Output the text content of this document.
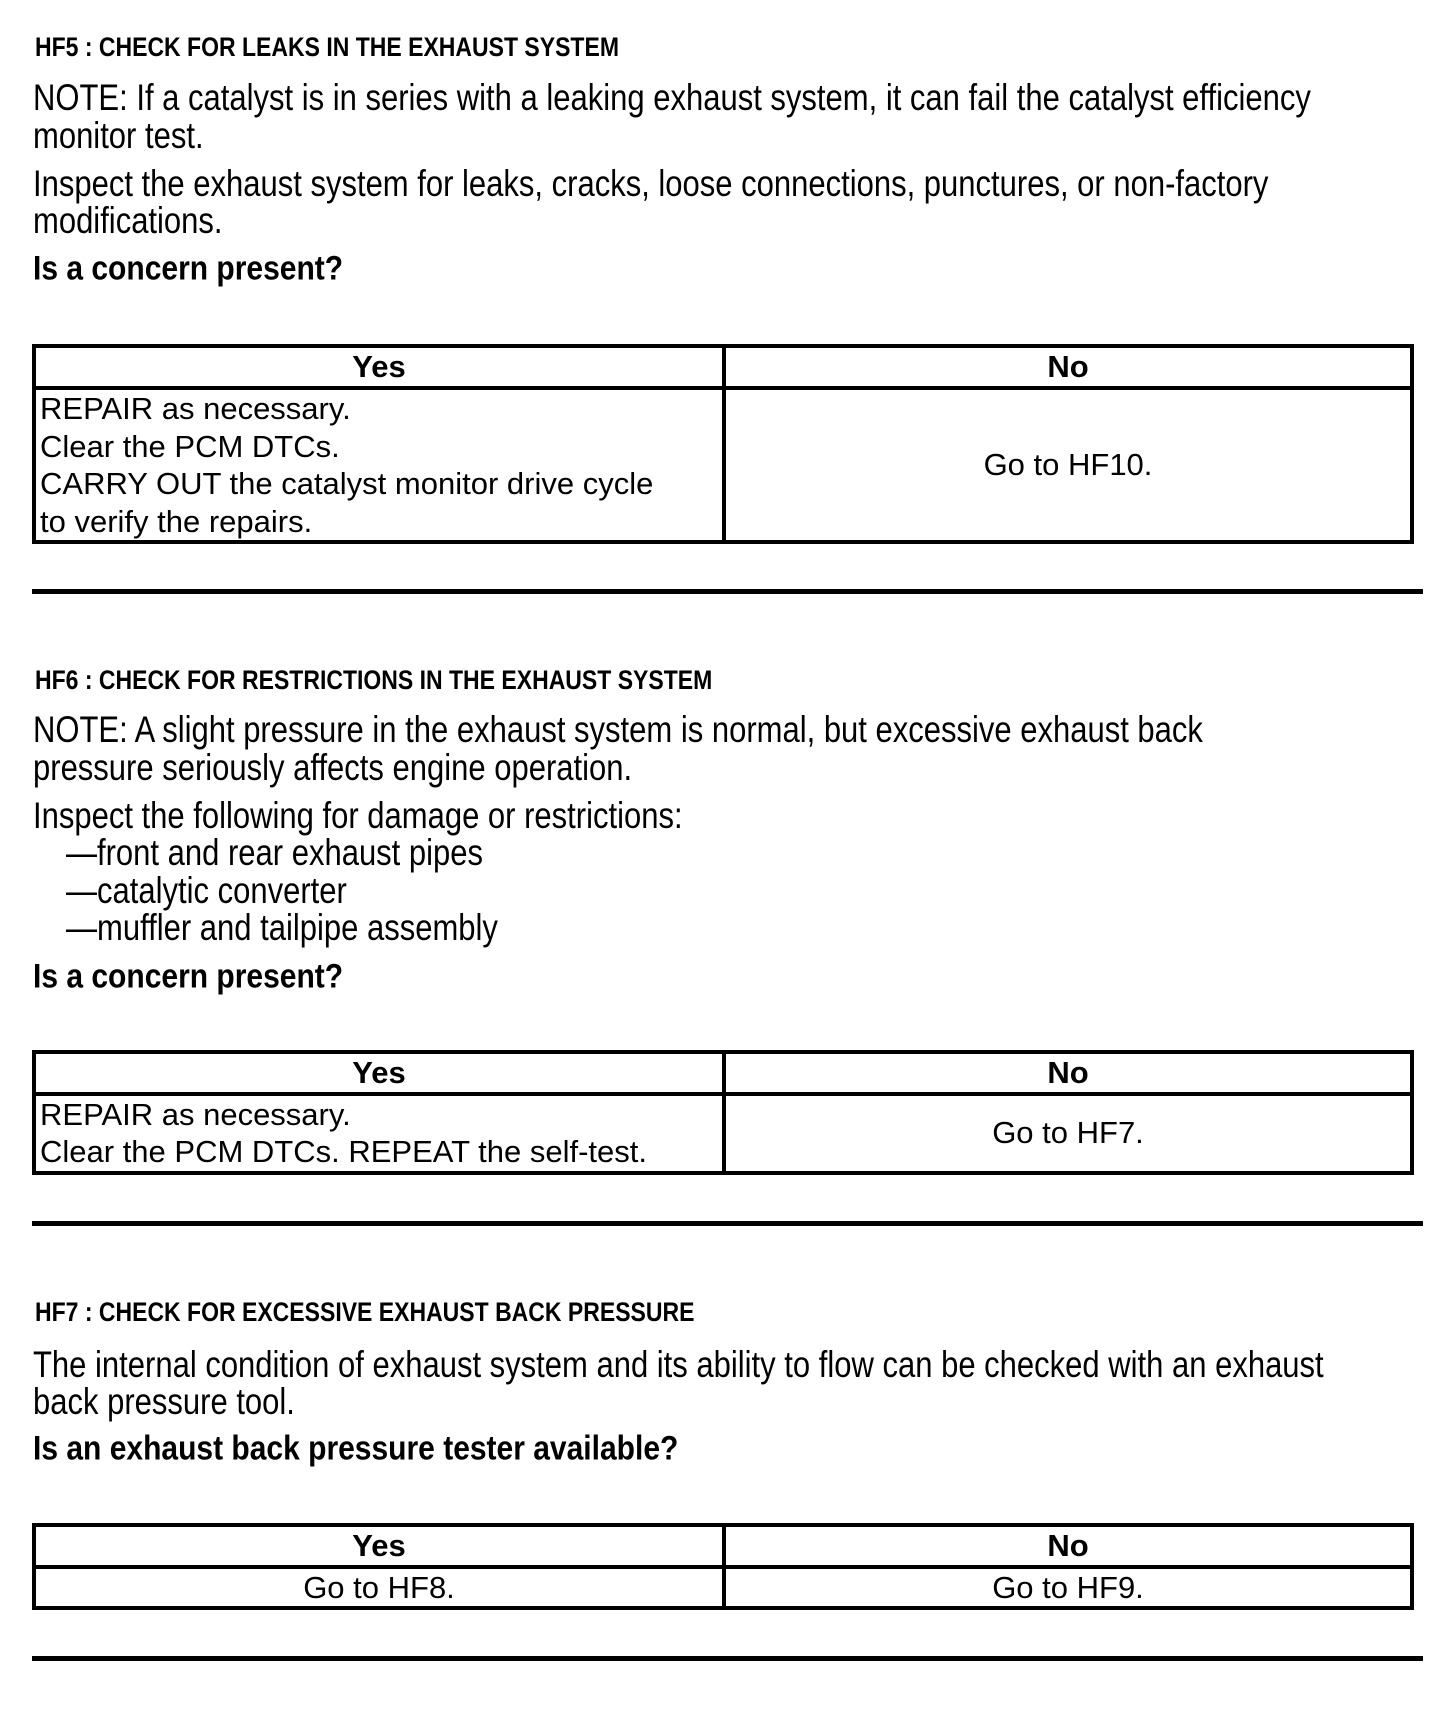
HF5 : CHECK FOR LEAKS IN THE EXHAUST SYSTEM
NOTE: If a catalyst is in series with a leaking exhaust system, it can fail the catalyst efficiency
monitor test.
Inspect the exhaust system for leaks, cracks, loose connections, punctures, or non-factory
modifications.
Is a concern present?
Yes	No

REPAIR as necessary.
Clear the PCM DTCs.
CARRY OUT the catalyst monitor drive cycle
to verify the repairs.	Go to HF10.
HF6 : CHECK FOR RESTRICTIONS IN THE EXHAUST SYSTEM
NOTE: A slight pressure in the exhaust system is normal, but excessive exhaust back
pressure seriously affects engine operation.
Inspect the following for damage or restrictions:
—front and rear exhaust pipes
—catalytic converter
—muffler and tailpipe assembly
Is a concern present?
Yes	No

REPAIR as necessary.
Clear the PCM DTCs. REPEAT the self-test.	Go to HF7.
HF7 : CHECK FOR EXCESSIVE EXHAUST BACK PRESSURE
The internal condition of exhaust system and its ability to flow can be checked with an exhaust
back pressure tool.
Is an exhaust back pressure tester available?
Yes	No
Go to HF8.	Go to HF9.
